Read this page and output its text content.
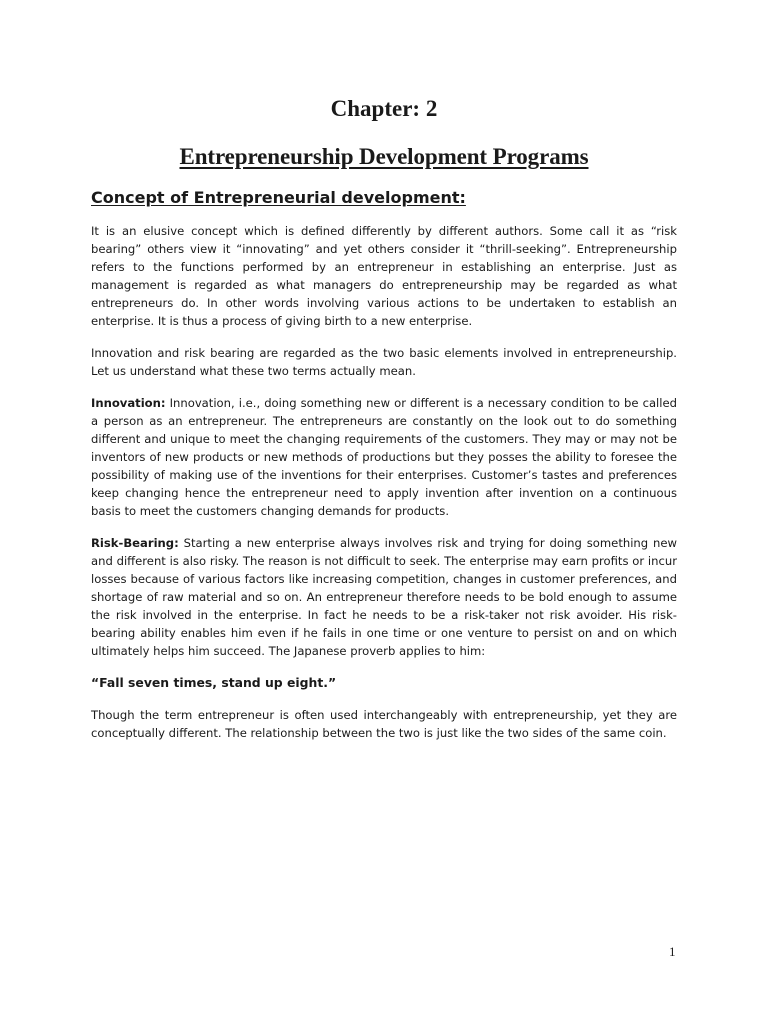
Chapter: 2
Entrepreneurship Development Programs
Concept of Entrepreneurial development:

It is an elusive concept which is defined differently by different authors. Some call it as “risk bearing” others view it “innovating” and yet others consider it “thrill-seeking”. Entrepreneurship refers to the functions performed by an entrepreneur in establishing an enterprise. Just as management is regarded as what managers do entrepreneurship may be regarded as what entrepreneurs do. In other words involving various actions to be undertaken to establish an enterprise. It is thus a process of giving birth to a new enterprise.

Innovation and risk bearing are regarded as the two basic elements involved in entrepreneurship. Let us understand what these two terms actually mean.

Innovation: Innovation, i.e., doing something new or different is a necessary condition to be called a person as an entrepreneur. The entrepreneurs are constantly on the look out to do something different and unique to meet the changing requirements of the customers. They may or may not be inventors of new products or new methods of productions but they posses the ability to foresee the possibility of making use of the inventions for their enterprises. Customer’s tastes and preferences keep changing hence the entrepreneur need to apply invention after invention on a continuous basis to meet the customers changing demands for products.

Risk-Bearing: Starting a new enterprise always involves risk and trying for doing something new and different is also risky. The reason is not difficult to seek. The enterprise may earn profits or incur losses because of various factors like increasing competition, changes in customer preferences, and shortage of raw material and so on. An entrepreneur therefore needs to be bold enough to assume the risk involved in the enterprise. In fact he needs to be a risk-taker not risk avoider. His risk-bearing ability enables him even if he fails in one time or one venture to persist on and on which ultimately helps him succeed. The Japanese proverb applies to him:

“Fall seven times, stand up eight.”

Though the term entrepreneur is often used interchangeably with entrepreneurship, yet they are conceptually different. The relationship between the two is just like the two sides of the same coin.

1
